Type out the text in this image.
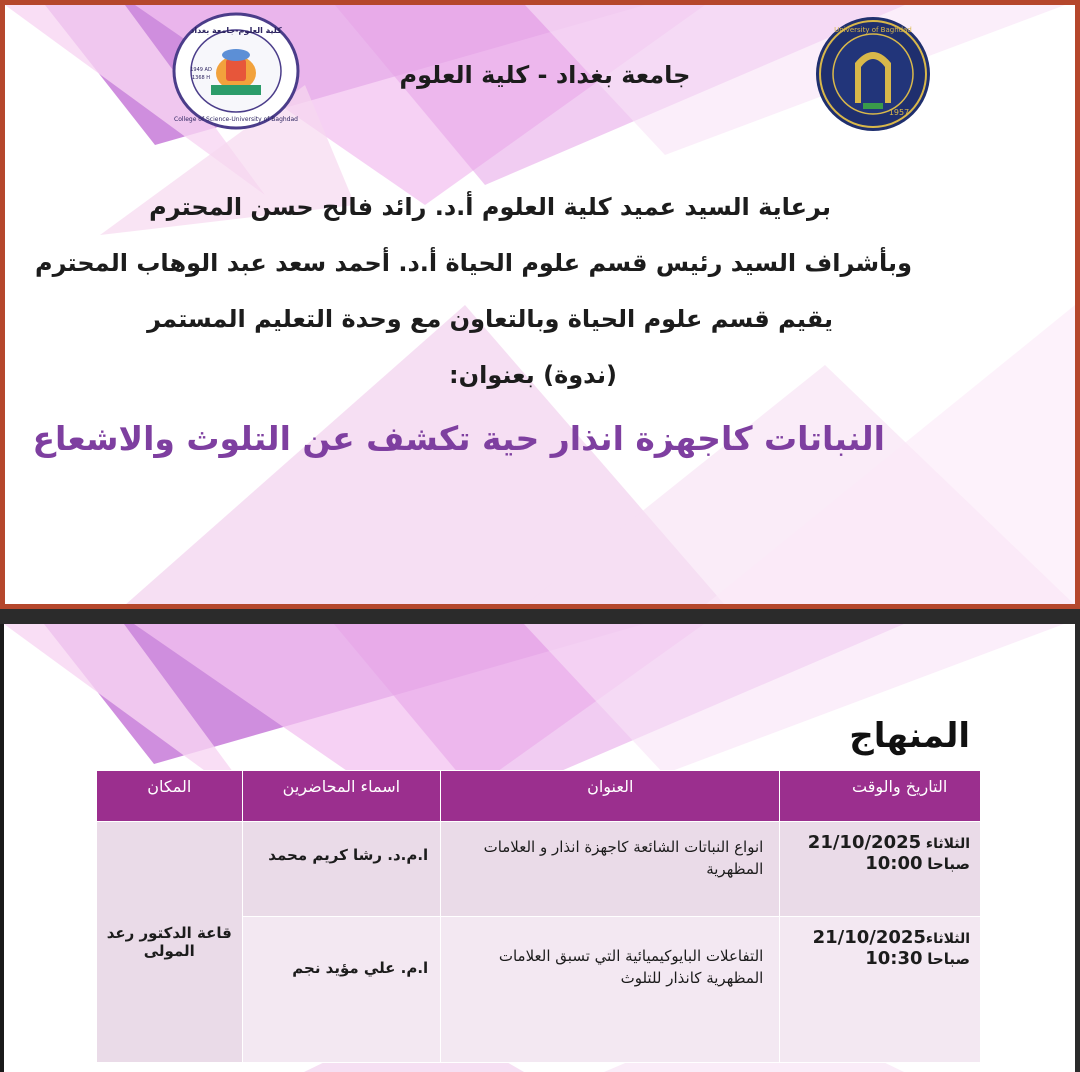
كلية العلوم-جامعة بغداد
College of Science-University of Baghdad
1949 AD
1368 H	جامعة بغداد - كلية العلوم
University of Baghdad
1957
برعاية السيد عميد كلية العلوم أ.د. رائد فالح حسن المحترم
وبأشراف السيد رئيس قسم علوم الحياة أ.د. أحمد سعد عبد الوهاب المحترم
يقيم قسم علوم الحياة وبالتعاون مع وحدة التعليم المستمر
(ندوة) بعنوان:
النباتات كاجهزة انذار حية تكشف عن التلوث والاشعاع
المنهاج
التاريخ والوقت	العنوان	اسماء المحاضرين	المكان

الثلاثاء 21/10/2025
صباحا 10:00	انواع النباتات الشائعة كاجهزة انذار و العلامات المظهرية	ا.م.د. رشا كريم محمد	قاعة الدكتور رعد المولى

الثلاثاء21/10/2025
صباحا 10:30	التفاعلات البايوكيميائية التي تسبق العلامات المظهرية كانذار للتلوث	ا.م. علي مؤيد نجم	
